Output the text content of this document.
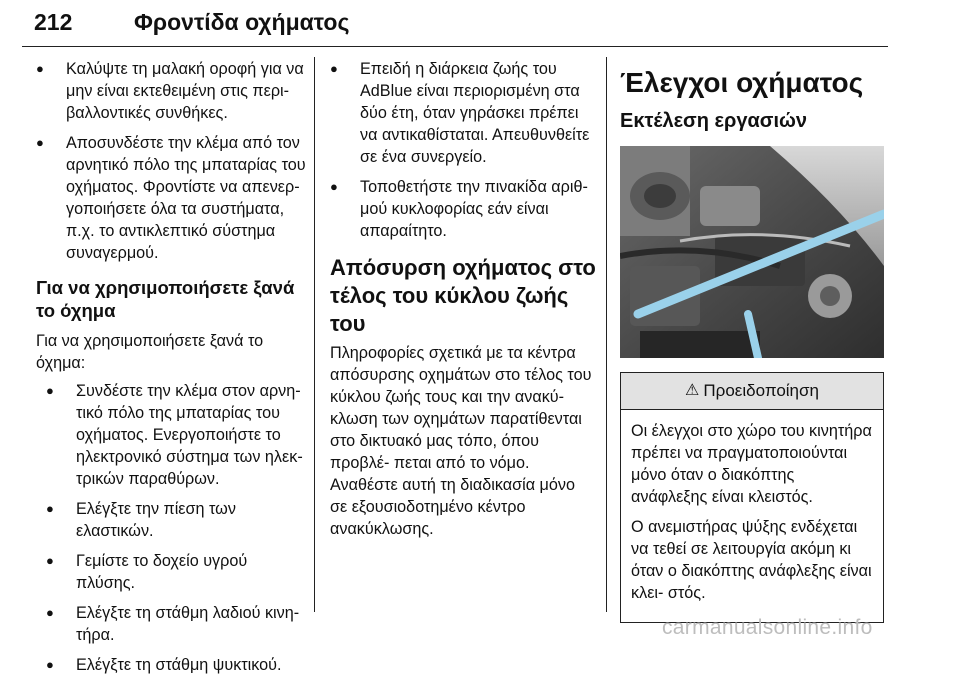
212	Φροντίδα οχήματος
● Καλύψτε τη μαλακή οροφή για να μην είναι εκτεθειμένη στις περι- βαλλοντικές συνθήκες.
● Αποσυνδέστε την κλέμα από τον αρνητικό πόλο της μπαταρίας του οχήματος. Φροντίστε να απενερ- γοποιήσετε όλα τα συστήματα, π.χ. το αντικλεπτικό σύστημα συναγερμού.
Για να χρησιμοποιήσετε ξανά το όχημα

Για να χρησιμοποιήσετε ξανά το όχημα:

● Συνδέστε την κλέμα στον αρνη- τικό πόλο της μπαταρίας του οχήματος. Ενεργοποιήστε το ηλεκτρονικό σύστημα των ηλεκ- τρικών παραθύρων.
● Ελέγξτε την πίεση των ελαστικών.
● Γεμίστε το δοχείο υγρού πλύσης.
● Ελέγξτε τη στάθμη λαδιού κινη- τήρα.
● Ελέγξτε τη στάθμη ψυκτικού.
● Επειδή η διάρκεια ζωής του AdBlue είναι περιορισμένη στα δύο έτη, όταν γηράσκει πρέπει να αντικαθίσταται. Απευθυνθείτε σε ένα συνεργείο.
● Τοποθετήστε την πινακίδα αριθ- μού κυκλοφορίας εάν είναι απαραίτητο.
Απόσυρση οχήματος στο τέλος του κύκλου ζωής του

Πληροφορίες σχετικά με τα κέντρα απόσυρσης οχημάτων στο τέλος του κύκλου ζωής τους και την ανακύ- κλωση των οχημάτων παρατίθενται στο δικτυακό μας τόπο, όπου προβλέ- πεται από το νόμο. Αναθέστε αυτή τη διαδικασία μόνο σε εξουσιοδοτημένο κέντρο ανακύκλωσης.

Έλεγχοι οχήματος
Εκτέλεση εργασιών
⚠ Προειδοποίηση

Οι έλεγχοι στο χώρο του κινητήρα πρέπει να πραγματοποιούνται μόνο όταν ο διακόπτης ανάφλεξης είναι κλειστός.

Ο ανεμιστήρας ψύξης ενδέχεται να τεθεί σε λειτουργία ακόμη κι όταν ο διακόπτης ανάφλεξης είναι κλει- στός.

carmanualsonline.info
